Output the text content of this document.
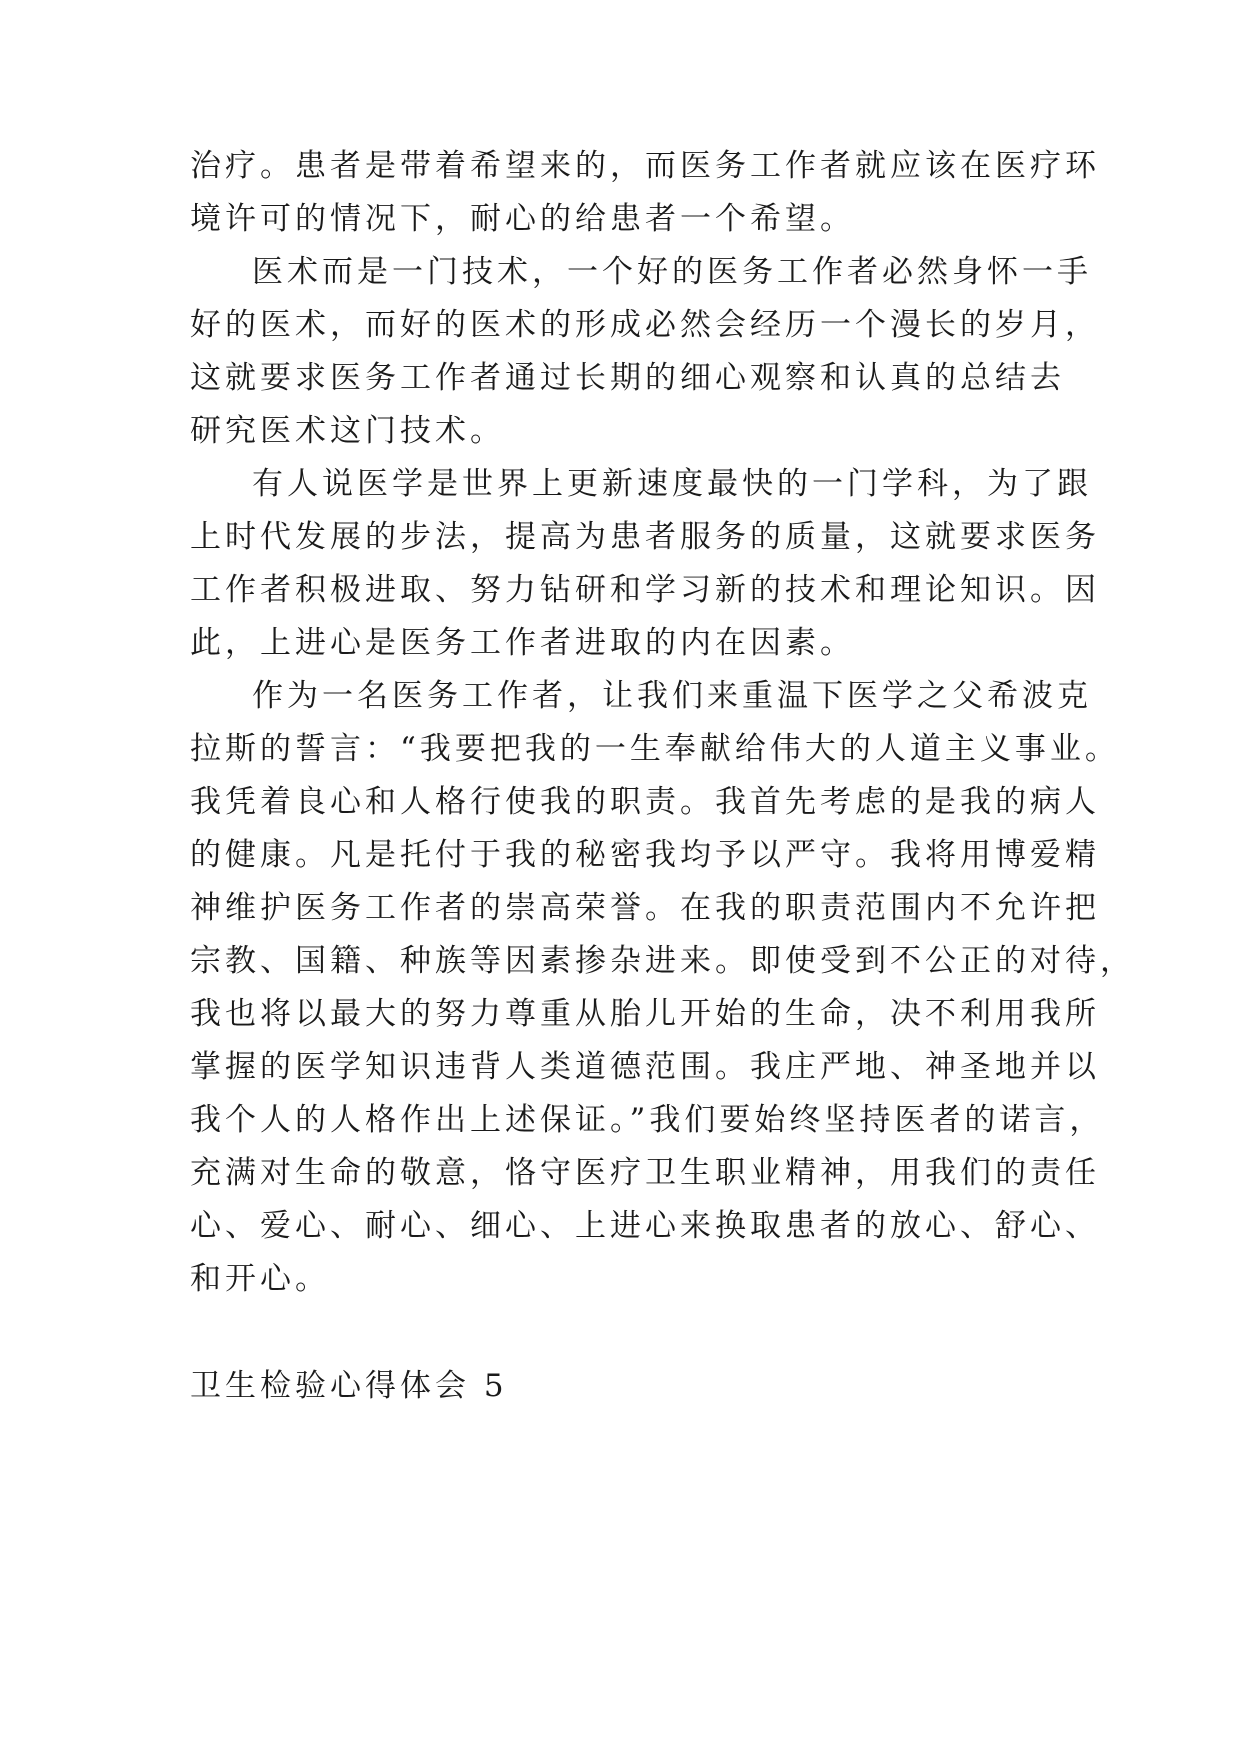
治疗。患者是带着希望来的，而医务工作者就应该在医疗环
境许可的情况下，耐心的给患者一个希望。
医术而是一门技术，一个好的医务工作者必然身怀一手
好的医术，而好的医术的形成必然会经历一个漫长的岁月，
这就要求医务工作者通过长期的细心观察和认真的总结去
研究医术这门技术。
有人说医学是世界上更新速度最快的一门学科，为了跟
上时代发展的步法，提高为患者服务的质量，这就要求医务
工作者积极进取、努力钻研和学习新的技术和理论知识。因
此，上进心是医务工作者进取的内在因素。
作为一名医务工作者，让我们来重温下医学之父希波克
拉斯的誓言：“我要把我的一生奉献给伟大的人道主义事业。
我凭着良心和人格行使我的职责。我首先考虑的是我的病人
的健康。凡是托付于我的秘密我均予以严守。我将用博爱精
神维护医务工作者的崇高荣誉。在我的职责范围内不允许把
宗教、国籍、种族等因素掺杂进来。即使受到不公正的对待，
我也将以最大的努力尊重从胎儿开始的生命，决不利用我所
掌握的医学知识违背人类道德范围。我庄严地、神圣地并以
我个人的人格作出上述保证。”我们要始终坚持医者的诺言，
充满对生命的敬意，恪守医疗卫生职业精神，用我们的责任
心、爱心、耐心、细心、上进心来换取患者的放心、舒心、
和开心。
卫生检验心得体会 5
